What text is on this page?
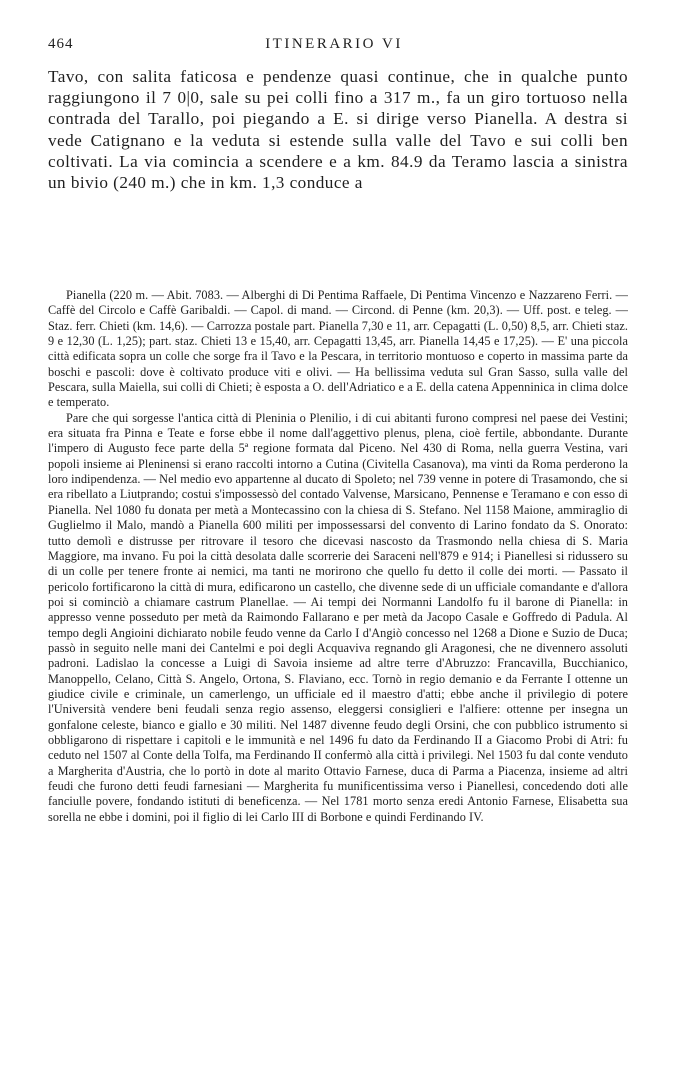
464	ITINERARIO VI

Tavo, con salita faticosa e pendenze quasi continue, che in qualche punto raggiungono il 7 0|0, sale su pei colli fino a 317 m., fa un giro tortuoso nella contrada del Tarallo, poi piegando a E. si dirige verso Pianella. A destra si vede Catignano e la veduta si estende sulla valle del Tavo e sui colli ben coltivati. La via comincia a scendere e a km. 84.9 da Teramo lascia a sinistra un bivio (240 m.) che in km. 1,3 conduce a

Pianella (220 m. — Abit. 7083. — Alberghi di Di Pentima Raffaele, Di Pentima Vincenzo e Nazzareno Ferri. — Caffè del Circolo e Caffè Garibaldi. — Capol. di mand. — Circond. di Penne (km. 20,3). — Uff. post. e teleg. — Staz. ferr. Chieti (km. 14,6). — Carrozza postale part. Pianella 7,30 e 11, arr. Cepagatti (L. 0,50) 8,5, arr. Chieti staz. 9 e 12,30 (L. 1,25); part. staz. Chieti 13 e 15,40, arr. Cepagatti 13,45, arr. Pianella 14,45 e 17,25). — E' una piccola città edificata sopra un colle che sorge fra il Tavo e la Pescara, in territorio montuoso e coperto in massima parte da boschi e pascoli: dove è coltivato produce viti e olivi. — Ha bellissima veduta sul Gran Sasso, sulla valle del Pescara, sulla Maiella, sui colli di Chieti; è esposta a O. dell'Adriatico e a E. della catena Appenninica in clima dolce e temperato.

Pare che qui sorgesse l'antica città di Pleninia o Plenilio, i di cui abitanti furono compresi nel paese dei Vestini; era situata fra Pinna e Teate e forse ebbe il nome dall'aggettivo plenus, plena, cioè fertile, abbondante. Durante l'impero di Augusto fece parte della 5ª regione formata dal Piceno. Nel 430 di Roma, nella guerra Vestina, vari popoli insieme ai Pleninensi si erano raccolti intorno a Cutina (Civitella Casanova), ma vinti da Roma perderono la loro indipendenza. — Nel medio evo appartenne al ducato di Spoleto; nel 739 venne in potere di Trasamondo, che si era ribellato a Liutprando; costui s'impossessò del contado Valvense, Marsicano, Pennense e Teramano e con esso di Pianella. Nel 1080 fu donata per metà a Montecassino con la chiesa di S. Stefano. Nel 1158 Maione, ammiraglio di Guglielmo il Malo, mandò a Pianella 600 militi per impossessarsi del convento di Larino fondato da S. Onorato: tutto demolì e distrusse per ritrovare il tesoro che dicevasi nascosto da Trasmondo nella chiesa di S. Maria Maggiore, ma invano. Fu poi la città desolata dalle scorrerie dei Saraceni nell'879 e 914; i Pianellesi si ridussero su di un colle per tenere fronte ai nemici, ma tanti ne morirono che quello fu detto il colle dei morti. — Passato il pericolo fortificarono la città di mura, edificarono un castello, che divenne sede di un ufficiale comandante e d'allora poi si cominciò a chiamare castrum Planellae. — Ai tempi dei Normanni Landolfo fu il barone di Pianella: in appresso venne posseduto per metà da Raimondo Fallarano e per metà da Jacopo Casale e Goffredo di Padula. Al tempo degli Angioini dichiarato nobile feudo venne da Carlo I d'Angiò concesso nel 1268 a Dione e Suzio de Duca; passò in seguito nelle mani dei Cantelmi e poi degli Acquaviva regnando gli Aragonesi, che ne divennero assoluti padroni. Ladislao la concesse a Luigi di Savoia insieme ad altre terre d'Abruzzo: Francavilla, Bucchianico, Manoppello, Celano, Città S. Angelo, Ortona, S. Flaviano, ecc. Tornò in regio demanio e da Ferrante I ottenne un giudice civile e criminale, un camerlengo, un ufficiale ed il maestro d'atti; ebbe anche il privilegio di potere l'Università vendere beni feudali senza regio assenso, eleggersi consiglieri e l'alfiere: ottenne per insegna un gonfalone celeste, bianco e giallo e 30 militi. Nel 1487 divenne feudo degli Orsini, che con pubblico istrumento si obbligarono di rispettare i capitoli e le immunità e nel 1496 fu dato da Ferdinando II a Giacomo Probi di Atri: fu ceduto nel 1507 al Conte della Tolfa, ma Ferdinando II confermò alla città i privilegi. Nel 1503 fu dal conte venduto a Margherita d'Austria, che lo portò in dote al marito Ottavio Farnese, duca di Parma a Piacenza, insieme ad altri feudi che furono detti feudi farnesiani — Margherita fu munificentissima verso i Pianellesi, concedendo doti alle fanciulle povere, fondando istituti di beneficenza. — Nel 1781 morto senza eredi Antonio Farnese, Elisabetta sua sorella ne ebbe i domini, poi il figlio di lei Carlo III di Borbone e quindi Ferdinando IV.
